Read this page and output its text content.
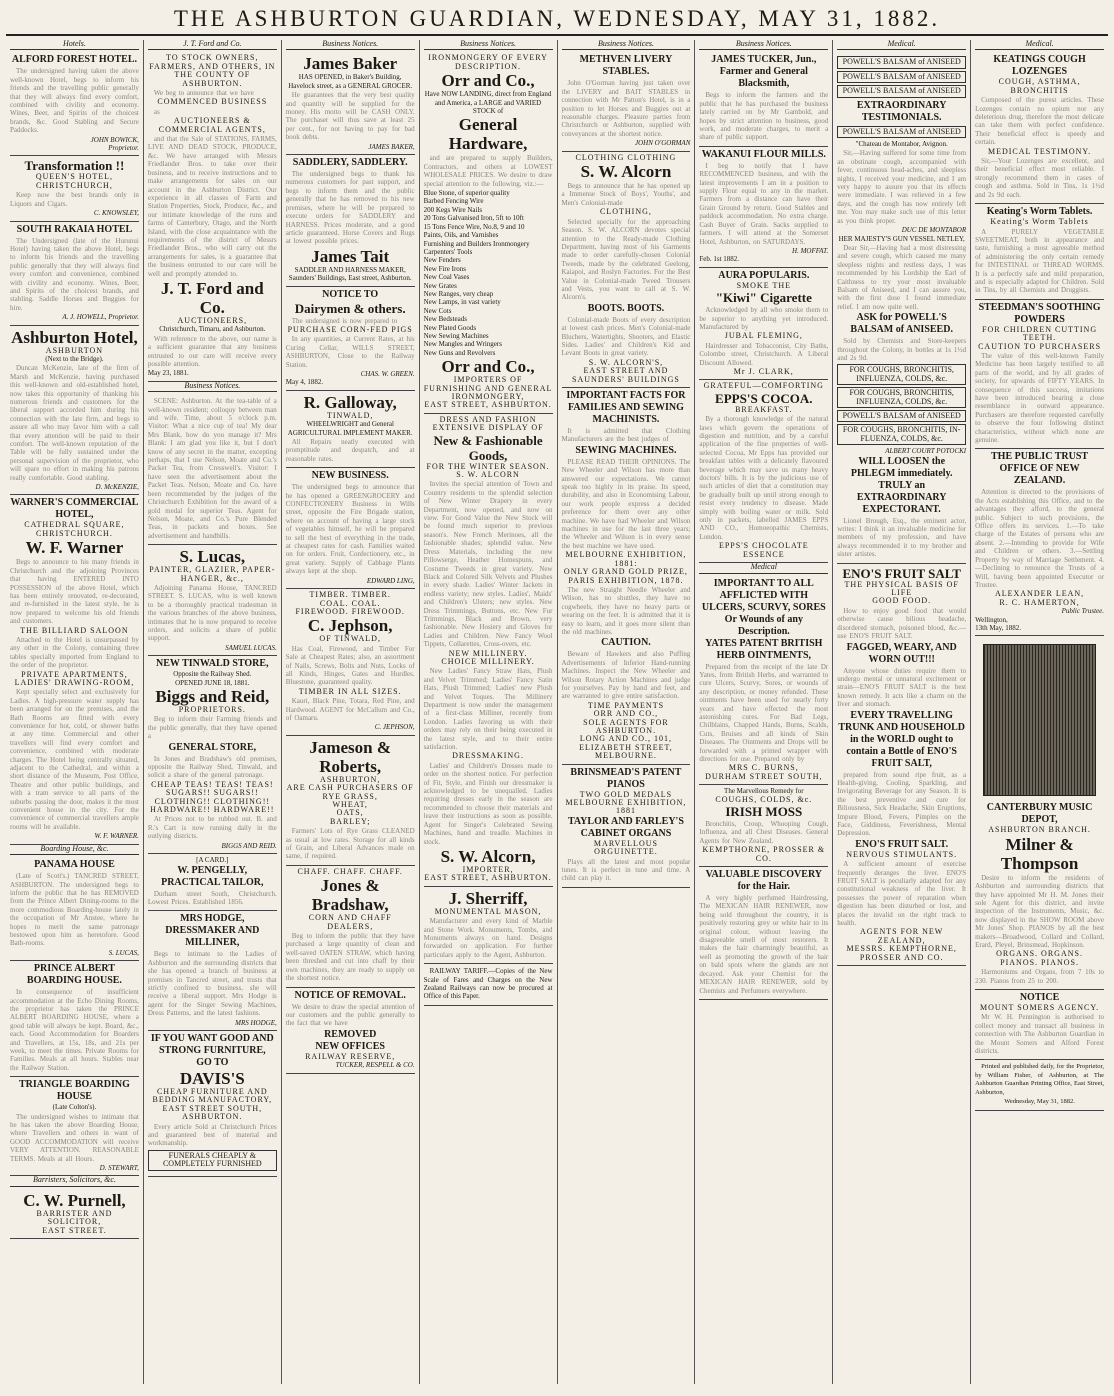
THE ASHBURTON GUARDIAN, WEDNESDAY, MAY 31, 1882.
Hotels.
ALFORD FOREST HOTEL.

The undersigned having taken the above well-known Hotel, begs to inform his friends and the travelling public generally that they will always find every comfort, combined with civility and economy. Wines, Beer, and Spirits of the choicest brands, &c. Good Stabling and Secure Paddocks.

JOHN BOWICK,
Proprietor.
Transformation !!
QUEEN'S HOTEL, CHRISTCHURCH,

Keep now the best brands only in Liquors and Cigars.

C. KNOWSLEY,
SOUTH RAKAIA HOTEL

The Undersigned (late of the Hurunui Hotel) having taken the above Hotel, begs to inform his friends and the travelling public generally that they will always find every comfort and convenience, combined with civility and economy. Wines, Beer, and Spirits of the choicest brands, and stabling. Saddle Horses and Buggies for hire.

A. J. HOWELL, Proprietor.
Ashburton Hotel,
ASHBURTON
(Next to the Bridge).

Duncan McKenzie, late of the firm of Marsh and McKenzie, having purchased this well-known and old-established hotel, now takes this opportunity of thanking his numerous friends and customers for the liberal support accorded him during his connection with the late firm, and begs to assure all who may favor him with a call that every attention will be paid to their comfort. The well-known reputation of the Table will be fully sustained under the personal supervision of the proprietor, who will spare no effort in making his patrons really comfortable. Good stabling.

D. McKENZIE,
WARNER'S COMMERCIAL HOTEL,
CATHEDRAL SQUARE, CHRISTCHURCH.
W. F. Warner

Begs to announce to his many friends in Christchurch and the adjoining Provinces that having ENTERED INTO POSSESSION of the above Hotel, which has been entirely renovated, re-decorated, and re-furnished in the latest style, he is now prepared to welcome his old friends and customers.

THE BILLIARD SALOON

Attached to the Hotel is unsurpassed by any other in the Colony, containing three tables specially imported from England to the order of the proprietor.

PRIVATE APARTMENTS,
LADIES' DRAWING-ROOM,

Kept specially select and exclusively for Ladies. A high-pressure water supply has been arranged for on the premises, and the Bath Rooms are fitted with every convenience for hot, cold, or shower baths at any time. Commercial and other travellers will find every comfort and convenience, combined with moderate charges. The Hotel being centrally situated, adjacent to the Cathedral, and within a short distance of the Museum, Post Office, Theatre and other public buildings, and with a tram service to all parts of the suburbs passing the door, makes it the most convenient house in the city. For the convenience of commercial travellers ample rooms will be available.

W. F. WARNER.
Boarding House, &c.
PANAMA HOUSE

(Late of Scott's.) TANCRED STREET, ASHBURTON. The undersigned begs to inform the public that he has REMOVED from the Prince Albert Dining-rooms to the more commodious Boarding-house lately in the occupation of Mr Anstee, where he hopes to merit the same patronage bestowed upon him as heretofore. Good Bath-rooms.

S. LUCAS,
PRINCE ALBERT BOARDING HOUSE.

In consequence of insufficient accommodation at the Echo Dining Rooms, the proprietor has taken the PRINCE ALBERT BOARDING HOUSE, where a good table will always be kept. Board, &c., each. Good Accommodation for Boarders and Travellers, at 15s, 18s, and 21s per week, to meet the times. Private Rooms for Families. Meals at all hours. Stables near the Railway Station.

TRIANGLE BOARDING HOUSE
(Late Colton's).

The undersigned wishes to intimate that he has taken the above Boarding House, where Travellers and others in want of GOOD ACCOMMODATION will receive VERY ATTENTION. REASONABLE TERMS. Meals at all Hours.

D. STEWART,
Barristers, Solicitors, &c.
C. W. Purnell,
BARRISTER AND SOLICITOR,
EAST STREET.
J. T. Ford and Co.
TO STOCK OWNERS, FARMERS, AND OTHERS, IN THE COUNTY OF ASHBURTON.

We beg to announce that we have

COMMENCED BUSINESS

as

AUCTIONEERS & COMMERCIAL AGENTS,

and that the Sale of STATIONS, FARMS, LIVE AND DEAD STOCK, PRODUCE, &c. We have arranged with Messrs Friedlander Bros. to take over their business, and to receive instructions and to make arrangements for sales on our account in the Ashburton District. Our experience in all classes of Farm and Station Properties, Stock, Produce, &c., and our intimate knowledge of the runs and farms of Canterbury, Otago, and the North Island, with the close acquaintance with the requirements of the district of Messrs Friedlander Bros., who will carry out the arrangements for sales, is a guarantee that the business entrusted to our care will be well and promptly attended to.

J. T. Ford and Co.
AUCTIONEERS,
Christchurch, Timaru, and Ashburton.

With reference to the above, our name is a sufficient guarantee that any business entrusted to our care will receive every possible attention.

May 23, 1881.
Business Notices.

SCENE: Ashburton. At the tea-table of a well-known resident; colloquy between man and wife. Time, about 5 o'clock p.m. Visitor: What a nice cup of tea! My dear Mrs Blank, how do you manage it? Mrs Blank: I am glad you like it, but I don't know of any secret in the matter, excepting perhaps, that I use Nelson, Moate and Co.'s Packet Tea, from Cresswell's. Visitor: I have seen the advertisement about the Packet Teas. Nelson, Moate and Co. have been recommended by the judges of the Christchurch Exhibition for the award of a gold medal for superior Teas. Agent for Nelson, Moate, and Co.'s Pure Blended Teas, in packets and boxes. See advertisement and handbills.

S. Lucas,
PAINTER, GLAZIER, PAPER-HANGER, &c.,

Adjoining Panama House, TANCRED STREET. S. LUCAS, who is well known to be a thoroughly practical tradesman in the various branches of the above business, intimates that he is now prepared to receive orders, and solicits a share of public support.

SAMUEL LUCAS.
NEW TINWALD STORE,
Opposite the Railway Shed.
OPENED JUNE 18, 1881.
Biggs and Reid,
PROPRIETORS.

Beg to inform their Farming friends and the public generally, that they have opened a

GENERAL STORE,

In Jones and Bradshaw's old premises, opposite the Railway Shed, Tinwald, and solicit a share of the general patronage.

CHEAP TEAS! TEAS! TEAS!
SUGARS!! SUGARS!!
CLOTHING!! CLOTHING!!
HARDWARE!! HARDWARE!!

At Prices not to be rubbed out. B. and R.'s Cart is now running daily in the outlying districts.

BIGGS AND REID.
[A CARD.]
W. PENGELLY, PRACTICAL TAILOR,

Durham street South, Christchurch. Lowest Prices. Established 1856.

MRS HODGE, DRESSMAKER AND MILLINER,

Begs to intimate to the Ladies of Ashburton and the surrounding districts that she has opened a branch of business at premises in Tancred street, and trusts that strictly confined to business, she will receive a liberal support. Mrs Hodge is agent for the Singer Sewing Machines, Dress Patterns, and the latest fashions.

MRS HODGE,
IF YOU WANT GOOD AND STRONG FURNITURE,
GO TO
DAVIS'S
CHEAP FURNITURE AND BEDDING MANUFACTORY,
EAST STREET SOUTH, ASHBURTON.

Every article Sold at Christchurch Prices and guaranteed best of material and workmanship.

FUNERALS CHEAPLY & COMPLETELY FURNISHED
Business Notices.
James Baker
HAS OPENED, in Baker's Building, Havelock street, as a GENERAL GROCER.

He guarantees that the very best quality and quantity will be supplied for the money. His motto will be CASH ONLY. The purchaser will thus save at least 25 per cent., for not having to pay for bad book debts.

JAMES BAKER,
SADDLERY, SADDLERY.

The undersigned begs to thank his numerous customers for past support, and begs to inform them and the public generally that he has removed to his new premises, where he will be prepared to execute orders for SADDLERY and HARNESS. Prices moderate, and a good article guaranteed. Horse Covers and Rugs at lowest possible prices.

James Tait
SADDLER AND HARNESS MAKER, Saunders' Buildings, East street, Ashburton.
NOTICE TO
Dairymen & others.

The undersigned is now prepared to

PURCHASE CORN-FED PIGS

In any quantities, at Current Rates, at his Curing Cellar, WILLS STREET, ASHBURTON, Close to the Railway Station.

CHAS. W. GREEN.
May 4, 1882.
R. Galloway,
TINWALD,
WHEELWRIGHT and General AGRICULTURAL IMPLEMENT MAKER.

All Repairs neatly executed with promptitude and despatch, and at reasonable rates.

NEW BUSINESS.

The undersigned begs to announce that he has opened a GREENGROCERY and CONFECTIONERY Business in Wills street, opposite the Fire Brigade station, where on account of having a large stock of vegetables himself, he will be prepared to sell the best of everything in the trade, at cheapest rates for cash. Families waited on for orders. Fruit, Confectionery, etc., in great variety. Supply of Cabbage Plants always kept at the shop.

EDWARD LING,
TIMBER. TIMBER.
COAL. COAL.
FIREWOOD. FIREWOOD.
C. Jephson,
OF TINWALD,

Has Coal, Firewood, and Timber For Sale at Cheapest Rates; also, an assortment of Nails, Screws, Bolts and Nuts, Locks of all Kinds, Hinges, Gates and Hurdles. Bluestone, guaranteed quality.

TIMBER IN ALL SIZES.

Kauri, Black Pine, Totara, Red Pine, and Hardwood. AGENT for McCallum and Co., of Oamaru.

C. JEPHSON,
Jameson & Roberts,
ASHBURTON,
ARE CASH PURCHASERS OF
RYE GRASS,
WHEAT,
OATS,
BARLEY;

Farmers' Lots of Rye Grass CLEANED as usual at low rates. Storage for all kinds of Grain, and Liberal Advances made on same, if required.

CHAFF. CHAFF. CHAFF.
Jones & Bradshaw,
CORN AND CHAFF DEALERS,

Beg to inform the public that they have purchased a large quantity of clean and well-saved OATEN STRAW, which having been threshed and cut into chaff by their own machines, they are ready to supply on the shortest notice.

NOTICE OF REMOVAL.

We desire to draw the special attention of our customers and the public generally to the fact that we have

REMOVED
NEW OFFICES
RAILWAY RESERVE,
TUCKER, RESPELL & CO.
Business Notices.
IRONMONGERY OF EVERY DESCRIPTION.
Orr and Co.,
Have NOW LANDING, direct from England and America, a LARGE and VARIED STOCK of
General Hardware,

and are prepared to supply Builders, Contractors, and others at LOWEST WHOLESALE PRICES. We desire to draw special attention to the following, viz.:—

Blue Stone, of superior quality
Barbed Fencing Wire
200 Kegs Wire Nails
20 Tons Galvanised Iron, 5ft to 10ft
15 Tons Fence Wire, No.8, 9 and 10
Paints, Oils, and Varnishes
Furnishing and Builders Ironmongery
Carpenters' Tools
New Fenders
New Fire Irons
New Coal Vases
New Grates
New Ranges, very cheap
New Lamps, in vast variety
New Cots
New Bedsteads
New Plated Goods
New Sewing Machines
New Mangles and Wringers
New Guns and Revolvers
Orr and Co.,
IMPORTERS OF FURNISHING AND GENERAL IRONMONGERY,
EAST STREET, ASHBURTON.
DRESS AND FASHION EXTENSIVE DISPLAY OF
New & Fashionable Goods,
FOR THE WINTER SEASON.
S. W. ALCORN

Invites the special attention of Town and Country residents to the splendid selection of New Winter Drapery in every Department, now opened, and now on view. For Good Value the New Stock will be found much superior to previous season's. New French Merinoes, all the fashionable shades; splendid value. New Dress Materials, including the new Pillowserge, Heather Homespuns, and Costume Tweeds in great variety. New Black and Colored Silk Velvets and Plushes in every shade. Ladies' Winter Jackets in endless variety; new styles. Ladies', Maids' and Children's Ulsters; new styles. New Dress Trimmings, Buttons, etc. New Fur Trimmings, Black and Brown, very fashionable. New Hosiery and Gloves for Ladies and Children. New Fancy Wool Tippets, Collarettes, Cross-overs, etc.

NEW MILLINERY.
CHOICE MILLINERY.

New Ladies' Fancy Straw Hats, Plush and Velvet Trimmed; Ladies' Fancy Satin Hats, Plush Trimmed; Ladies' new Plush and Velvet Toques. The Millinery Department is now under the management of a first-class Milliner, recently from London. Ladies favoring us with their orders may rely on their being executed in the latest style, and to their entire satisfaction.

DRESSMAKING.

Ladies' and Children's Dresses made to order on the shortest notice. For perfection of Fit, Style, and Finish our dressmaker is acknowledged to be unequalled. Ladies requiring dresses early in the season are recommended to choose their materials and leave their instructions as soon as possible. Agent for Singer's Celebrated Sewing Machines, hand and treadle. Machines in stock.

S. W. Alcorn,
IMPORTER,
EAST STREET, ASHBURTON.
J. Sherriff,
MONUMENTAL MASON,

Manufacturer and every kind of Marble and Stone Work. Monuments, Tombs, and Monuments always on hand. Designs forwarded on application. For further particulars apply to the Agent, Ashburton.

RAILWAY TARIFF.—Copies of the New Scale of Fares and Charges on the New Zealand Railways can now be procured at Office of this Paper.

Business Notices.
METHVEN LIVERY STABLES.

John O'Gorman having just taken over the LIVERY and BAIT STABLES in connection with Mr Patton's Hotel, is in a position to let Horses and Buggies out at reasonable charges. Pleasure parties from Christchurch or Ashburton, supplied with conveyances at the shortest notice.

JOHN O'GORMAN
CLOTHING CLOTHING
S. W. Alcorn

Begs to announce that he has opened up a Immense Stock of Boys', Youths', and Men's Colonial-made

CLOTHING,

Selected specially for the approaching Season. S. W. ALCORN devotes special attention to the Ready-made Clothing Department, having most of his Garments made to order carefully-chosen Colonial Tweeds, made by the celebrated Geelong, Kaiapoi, and Roslyn Factories. For the Best Value in Colonial-made Tweed Trousers and Vests, you want to call at S. W. Alcorn's.

BOOTS. BOOTS.

Colonial-made Boots of every description at lowest cash prices. Men's Colonial-made Bluchers, Watertights, Shooters, and Elastic Sides. Ladies' and Children's Kid and Levant Boots in great variety.

S. W. ALCORN'S,
EAST STREET AND SAUNDERS' BUILDINGS
IMPORTANT FACTS FOR FAMILIES AND SEWING MACHINISTS.

It is admitted that Clothing Manufacturers are the best judges of

SEWING MACHINES.

PLEASE READ THEIR OPINIONS. The New Wheeler and Wilson has more than answered our expectations. We cannot speak too highly in its praise. Its speed, durability, and also in Economising Labour, our work people express a decided preference for them over any other machine. We have had Wheeler and Wilson machines in use for the last three years; the Wheeler and Wilson is in every sense the best machine we have used.

MELBOURNE EXHIBITION, 1881:
ONLY GRAND GOLD PRIZE, PARIS EXHIBITION, 1878.

The new Straight Needle Wheeler and Wilson, has no shuttles, they have no cogwheels, they have no heavy parts or wearing on the feet. It is admitted that it is easy to learn, and it goes more silent than the old machines.

CAUTION.

Beware of Hawkers and also Puffing Advertisements of Inferior Hand-running Machines. Inspect the New Wheeler and Wilson Rotary Action Machines and judge for yourselves. Pay by hand and feet, and are warranted to give entire satisfaction.

TIME PAYMENTS
ORR AND CO.,
SOLE AGENTS FOR ASHBURTON.
LONG AND CO., 101, ELIZABETH STREET,
MELBOURNE.
BRINSMEAD'S PATENT PIANOS
TWO GOLD MEDALS
MELBOURNE EXHIBITION, 1881
TAYLOR AND FARLEY'S CABINET ORGANS
MARVELLOUS ORGUINETTE.

Plays all the latest and most popular tunes. It is perfect in tune and time. A child can play it.

Business Notices.
JAMES TUCKER, Jun., Farmer and General Blacksmith,

Begs to inform the farmers and the public that he has purchased the business lately carried on by Mr Gambold, and hopes by strict attention to business, good work, and moderate charges, to merit a share of public support.

WAKANUI FLOUR MILLS.

I beg to notify that I have RECOMMENCED business, and with the latest improvements I am in a position to supply Flour equal to any in the market. Farmers from a distance can have their Grain Ground by return. Good Stables and paddock accommodation. No extra charge. Cash Buyer of Grain. Sacks supplied to farmers. I will attend at the Somerset Hotel, Ashburton, on SATURDAYS.

H. MOFFAT.
Feb. 1st 1882.
AURA POPULARIS.
SMOKE THE
"Kiwi" Cigarette

Acknowledged by all who smoke them to be superior to anything yet introduced. Manufactured by

JUBAL FLEMING,

Hairdresser and Tobacconist, City Baths, Colombo street, Christchurch. A Liberal Discount Allowed.

Mr J. CLARK,
GRATEFUL—COMFORTING
EPPS'S COCOA.
BREAKFAST.

By a thorough knowledge of the natural laws which govern the operations of digestion and nutrition, and by a careful application of the fine properties of well-selected Cocoa, Mr Epps has provided our breakfast tables with a delicately flavoured beverage which may save us many heavy doctors' bills. It is by the judicious use of such articles of diet that a constitution may be gradually built up until strong enough to resist every tendency to disease. Made simply with boiling water or milk. Sold only in packets, labelled JAMES EPPS AND CO., Homoeopathic Chemists, London.

EPPS'S CHOCOLATE ESSENCE
Medical
IMPORTANT TO ALL AFFLICTED WITH ULCERS, SCURVY, SORES Or Wounds of any Description.
YATES PATENT BRITISH HERB OINTMENTS,

Prepared from the receipt of the late Dr Yates, from British Herbs, and warranted to cure Ulcers, Scurvy, Sores, or wounds of any description, or money refunded. These ointments have been used for nearly forty years and have effected the most astonishing cures. For Bad Legs, Chilblains, Chapped Hands, Burns, Scalds, Cuts, Bruises and all kinds of Skin Diseases. The Ointments and Drops will be forwarded with a printed wrapper with directions for use. Prepared only by

MRS C. BURNS,
DURHAM STREET SOUTH,
The Marvellous Remedy for
COUGHS, COLDS, &c.
IRISH MOSS

Bronchitis, Croup, Whooping Cough, Influenza, and all Chest Diseases. General Agents for New Zealand.

KEMPTHORNE, PROSSER & CO.
VALUABLE DISCOVERY for the Hair.

A very highly perfumed Hairdressing, The MEXICAN HAIR RENEWER, now being sold throughout the country, it is positively restoring grey or white hair to its original colour, without leaving the disagreeable smell of most restorers. It makes the hair charmingly beautiful, as well as promoting the growth of the hair on bald spots where the glands are not decayed. Ask your Chemist for the MEXICAN HAIR RENEWER, sold by Chemists and Perfumers everywhere.

Medical.
POWELL'S BALSAM of ANISEED
POWELL'S BALSAM of ANISEED
POWELL'S BALSAM of ANISEED
EXTRAORDINARY TESTIMONIALS.
POWELL'S BALSAM of ANISEED
"Chateau de Montabor, Avignon.

Sir,—Having suffered for some time from an obstinate cough, accompanied with fever, continuous head-aches, and sleepless nights, I received your medicine, and I am very happy to assure you that its effects were immediate. I was relieved in a few days, and the cough has now entirely left me. You may make such use of this letter as you think proper.

DUC DE MONTABOR
HER MAJESTY'S GUN VESSEL NETLEY,

Dear Sir,—Having had a most distressing and severe cough, which caused me many sleepless nights and restless days, I was recommended by his Lordship the Earl of Caithness to try your most invaluable Balsam of Aniseed, and I can assure you, with the first dose I found immediate relief. I am now quite well.

ASK for POWELL'S BALSAM of ANISEED.

Sold by Chemists and Store-keepers throughout the Colony, in bottles at 1s 1½d and 2s 9d.

FOR COUGHS, BRONCHITIS, INFLUENZA, COLDS, &c.
FOR COUGHS, BRONCHITIS, INFLUENZA, COLDS, &c.
POWELL'S BALSAM of ANISEED
FOR COUGHS, BRONCHITIS, IN-FLUENZA, COLDS, &c.
ALBERT COURT POTOCKI
WILL LOOSEN the PHLEGM immediately.
TRULY an EXTRAORDINARY EXPECTORANT.

Lionel Brough, Esq., the eminent actor, writes: I think it an invaluable medicine for members of my profession, and have always recommended it to my brother and sister artistes.

ENO'S FRUIT SALT
THE PHYSICAL BASIS OF LIFE
GOOD FOOD.

How to enjoy good food that would otherwise cause bilious headache, disordered stomach, poisoned blood, &c.—use ENO'S FRUIT SALT.

FAGGED, WEARY, AND WORN OUT!!!

Anyone whose duties require them to undergo mental or unnatural excitement or strain—ENO'S FRUIT SALT is the best known remedy. It acts like a charm on the liver and stomach.

EVERY TRAVELLING TRUNK AND HOUSEHOLD in the WORLD ought to contain a Bottle of ENO'S FRUIT SALT,

prepared from sound ripe fruit, as a Health-giving, Cooling, Sparkling, and Invigorating Beverage for any Season. It is the best preventive and cure for Biliousness, Sick Headache, Skin Eruptions, Impure Blood, Fevers, Pimples on the Face, Giddiness, Feverishness, Mental Depression.

ENO'S FRUIT SALT.
NERVOUS STIMULANTS.

A sufficient amount of exercise frequently deranges the liver. ENO'S FRUIT SALT is peculiarly adapted for any constitutional weakness of the liver. It possesses the power of reparation when digestion has been disturbed or lost, and places the invalid on the right track to health.

AGENTS FOR NEW ZEALAND,
MESSRS. KEMPTHORNE, PROSSER AND CO.
Medical.
KEATINGS COUGH LOZENGES
COUGH, ASTHMA, BRONCHITIS

Composed of the purest articles. These Lozenges contain no opium nor any deleterious drug, therefore the most delicate can take them with perfect confidence. Their beneficial effect is speedy and certain.

MEDICAL TESTIMONY.

Sir,—Your Lozenges are excellent, and their beneficial effect most reliable. I strongly recommend them in cases of cough and asthma. Sold in Tins, 1s 1½d and 2s 9d each.

Keating's Worm Tablets.
Keating's Worm Tablets

A PURELY VEGETABLE SWEETMEAT, both in appearance and taste, furnishing a most agreeable method of administering the only certain remedy for INTESTINAL or THREAD WORMS. It is a perfectly safe and mild preparation, and is especially adapted for Children. Sold in Tins, by all Chemists and Druggists.

STEEDMAN'S SOOTHING POWDERS
FOR CHILDREN CUTTING TEETH.
CAUTION TO PURCHASERS

The value of this well-known Family Medicine has been largely testified to all parts of the world, and by all grades of society, for upwards of FIFTY YEARS. In consequence of this success, imitations have been introduced bearing a close resemblance in outward appearance. Purchasers are therefore requested carefully to observe the four following distinct characteristics, without which none are genuine.

THE PUBLIC TRUST OFFICE OF NEW ZEALAND.

Attention is directed to the provisions of the Acts establishing this Office, and to the advantages they afford, to the general public. Subject to such provisions, the Office offers its services. 1.—To take charge of the Estates of persons who are absent. 2.—Intending to provide for Wife and Children or others. 3.—Settling Property by way of Marriage Settlement. 4.—Declining to renounce the Trusts of a Will, having been appointed Executor or Trustee.

ALEXANDER LEAN,
R. C. HAMERTON,
Public Trustee.
Wellington,
13th May, 1882.
CANTERBURY MUSIC DEPOT,
ASHBURTON BRANCH.
Milner & Thompson

Desire to inform the residents of Ashburton and surrounding districts that they have appointed Mr H. M. Jones their sole Agent for this district, and invite inspection of the Instruments, Music, &c. now displayed in the SHOW ROOM above Mr Jones' Shop. PIANOS by all the best makers—Broadwood, Collard and Collard, Erard, Pleyel, Brinsmead, Hopkinson.

ORGANS. ORGANS.
PIANOS. PIANOS.

Harmoniums and Organs, from 7 10s to 230. Pianos from 25 to 200.

NOTICE
MOUNT SOMERS AGENCY.

Mr W. H. Pennington is authorised to collect money and transact all business in connection with The Ashburton Guardian in the Mount Somers and Alford Forest districts.

Printed and published daily, for the Proprietor, by William Fisher, of Ashburton, at The Ashburton Guardian Printing Office, East Street, Ashburton,

Wednesday, May 31, 1882.
